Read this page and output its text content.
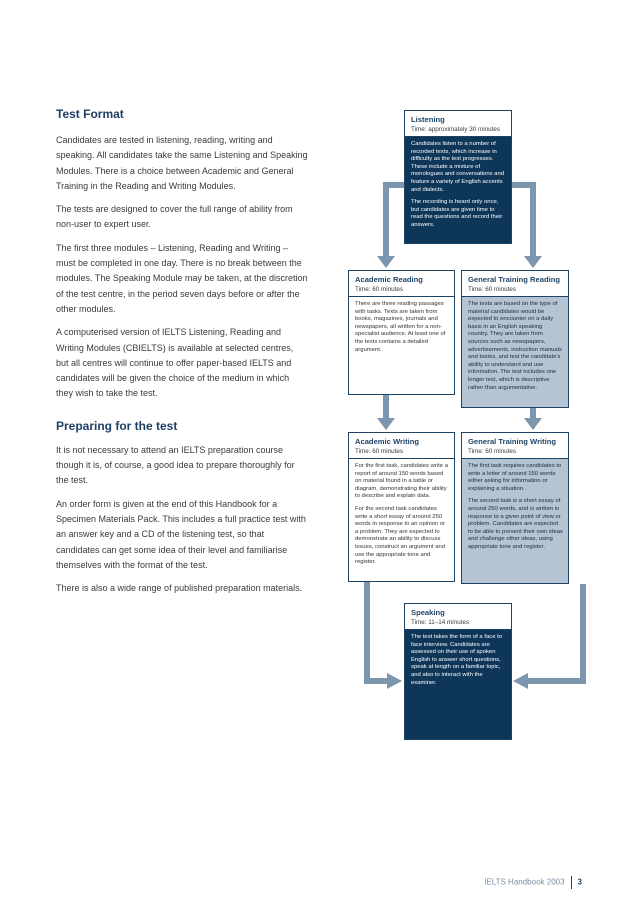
Test Format

Candidates are tested in listening, reading, writing and speaking. All candidates take the same Listening and Speaking Modules. There is a choice between Academic and General Training in the Reading and Writing Modules.

The tests are designed to cover the full range of ability from non-user to expert user.

The first three modules – Listening, Reading and Writing – must be completed in one day. There is no break between the modules. The Speaking Module may be taken, at the discretion of the test centre, in the period seven days before or after the other modules.

A computerised version of IELTS Listening, Reading and Writing Modules (CBIELTS) is available at selected centres, but all centres will continue to offer paper-based IELTS and candidates will be given the choice of the medium in which they wish to take the test.

Preparing for the test

It is not necessary to attend an IELTS preparation course though it is, of course, a good idea to prepare thoroughly for the test.

An order form is given at the end of this Handbook for a Specimen Materials Pack. This includes a full practice test with an answer key and a CD of the listening test, so that candidates can get some idea of their level and familiarise themselves with the format of the test.

There is also a wide range of published preparation materials.

Listening
Time: approximately 30 minutes

Candidates listen to a number of recorded texts, which increase in difficulty as the test progresses. These include a mixture of monologues and conversations and feature a variety of English accents and dialects.

The recording is heard only once, but candidates are given time to read the questions and record their answers.

Academic Reading
Time: 60 minutes

There are three reading passages with tasks. Texts are taken from books, magazines, journals and newspapers, all written for a non-specialist audience. At least one of the texts contains a detailed argument.

General Training Reading
Time: 60 minutes

The texts are based on the type of material candidates would be expected to encounter on a daily basis in an English speaking country. They are taken from sources such as newspapers, advertisements, instruction manuals and books, and test the candidate's ability to understand and use information. The test includes one longer text, which is descriptive rather than argumentative.

Academic Writing
Time: 60 minutes

For the first task, candidates write a report of around 150 words based on material found in a table or diagram, demonstrating their ability to describe and explain data.

For the second task candidates write a short essay of around 250 words in response to an opinion or a problem. They are expected to demonstrate an ability to discuss issues, construct an argument and use the appropriate tone and register.

General Training Writing
Time: 60 minutes

The first task requires candidates to write a letter of around 150 words either asking for information or explaining a situation.

The second task is a short essay of around 250 words, and is written in response to a given point of view or problem. Candidates are expected to be able to present their own ideas and challenge other ideas, using appropriate tone and register.

Speaking
Time: 11–14 minutes

The test takes the form of a face to face interview. Candidates are assessed on their use of spoken English to answer short questions, speak at length on a familiar topic, and also to interact with the examiner.

IELTS Handbook 2003 3
